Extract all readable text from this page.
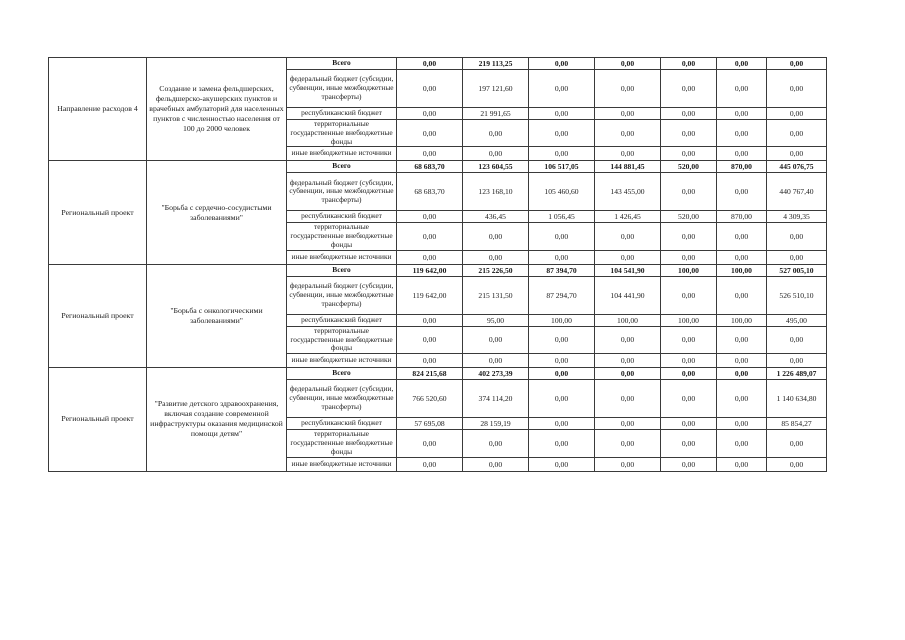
Направление расходов 4	Создание и замена фельдшерских, фельдшерско-акушерских пунктов и врачебных амбулаторий для населенных пунктов с численностью населения от 100 до 2000 человек	Всего	0,00	219 113,25	0,00	0,00	0,00	0,00	0,00
		федеральный бюджет (субсидии, субвенции, иные межбюджетные трансферты)	0,00	197 121,60	0,00	0,00	0,00	0,00	0,00
		республиканский бюджет	0,00	21 991,65	0,00	0,00	0,00	0,00	0,00
		территориальные государственные внебюджетные фонды	0,00	0,00	0,00	0,00	0,00	0,00	0,00
		иные внебюджетные источники	0,00	0,00	0,00	0,00	0,00	0,00	0,00
Региональный проект	"Борьба с сердечно-сосудистыми заболеваниями"	Всего	68 683,70	123 604,55	106 517,05	144 881,45	520,00	870,00	445 076,75
		федеральный бюджет (субсидии, субвенции, иные межбюджетные трансферты)	68 683,70	123 168,10	105 460,60	143 455,00	0,00	0,00	440 767,40
		республиканский бюджет	0,00	436,45	1 056,45	1 426,45	520,00	870,00	4 309,35
		территориальные государственные внебюджетные фонды	0,00	0,00	0,00	0,00	0,00	0,00	0,00
		иные внебюджетные источники	0,00	0,00	0,00	0,00	0,00	0,00	0,00
Региональный проект	"Борьба с онкологическими заболеваниями"	Всего	119 642,00	215 226,50	87 394,70	104 541,90	100,00	100,00	527 005,10
		федеральный бюджет (субсидии, субвенции, иные межбюджетные трансферты)	119 642,00	215 131,50	87 294,70	104 441,90	0,00	0,00	526 510,10
		республиканский бюджет	0,00	95,00	100,00	100,00	100,00	100,00	495,00
		территориальные государственные внебюджетные фонды	0,00	0,00	0,00	0,00	0,00	0,00	0,00
		иные внебюджетные источники	0,00	0,00	0,00	0,00	0,00	0,00	0,00
Региональный проект	"Развитие детского здравоохранения, включая создание современной инфраструктуры оказания медицинской помощи детям"	Всего	824 215,68	402 273,39	0,00	0,00	0,00	0,00	1 226 489,07
		федеральный бюджет (субсидии, субвенции, иные межбюджетные трансферты)	766 520,60	374 114,20	0,00	0,00	0,00	0,00	1 140 634,80
		республиканский бюджет	57 695,08	28 159,19	0,00	0,00	0,00	0,00	85 854,27
		территориальные государственные внебюджетные фонды	0,00	0,00	0,00	0,00	0,00	0,00	0,00
		иные внебюджетные источники	0,00	0,00	0,00	0,00	0,00	0,00	0,00
